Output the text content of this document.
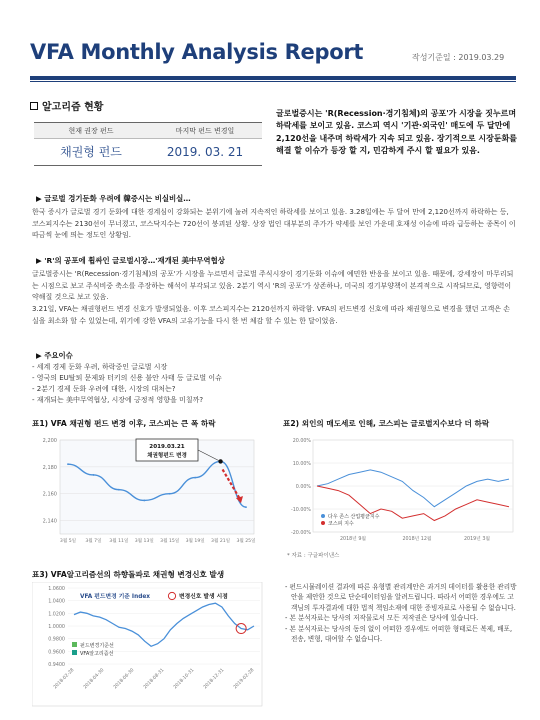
VFA Monthly Analysis Report	작성기준일 : 2019.03.29
알고리즘 현황
현재 권장 펀드	마지막 펀드 변경일
채권형 펀드	2019. 03. 21
글로벌증시는 'R(Recession·경기침체)의 공포'가 시장을 짓누르며 하락세를 보이고 있음. 코스피 역시 '기관·외국인' 매도에 두 달만에 2,120선을 내주며 하락세가 지속 되고 있음. 장기적으로 시장둔화를 해결 할 이슈가 등장 할 지, 민감하게 주시 할 필요가 있음.
▶ 글로벌 경기둔화 우려에 韓증시는 비실비실…
한국 증시가 글로벌 경기 둔화에 대한 경계심이 강화되는 분위기에 눌려 지속적인 하락세를 보이고 있음. 3.28일에는 두 달여 만에 2,120선까지 하락하는 등, 코스피지수는 2130선이 무너졌고, 코스닥지수는 720선이 붕괴된 상황. 상장 법인 대부분의 주가가 약세를 보인 가운데 호재성 이슈에 따라 급등하는 종목이 이따금씩 눈에 띄는 정도인 상황임.
▶ 'R'의 공포에 휩싸인 글로벌시장…'재개된 美中무역협상
글로벌증시는 'R(Recession·경기침체)의 공포'가 시장을 누르면서 글로벌 주식시장이 경기둔화 이슈에 예민한 반응을 보이고 있음. 때문에, 강세장이 마무리되는 시점으로 보고 주식비중 축소를 주장하는 해석이 부각되고 있음. 2분기 역시 'R의 공포'가 상존하나, 미국의 경기부양책이 본격적으로 시작되므로, 영향력이 약해질 것으로 보고 있음.
3.21일, VFA는 채권형펀드 변경 신호가 발생되었음. 이후 코스피지수는 2120선까지 하락함. VFA의 펀드변경 신호에 따라 채권형으로 변경을 했던 고객은 손실을 최소화 할 수 있었는데, 위기에 강한 VFA의 고유기능을 다시 한 번 체감 할 수 있는 한 달이었음.
▶ 주요이슈
- 세계 경제 둔화 우려, 하락중인 글로벌 시장
- 영국의 EU탈퇴 문제와 터키의 신용 불안 사태 등 글로벌 이슈
- 2분기 경제 둔화 우려에 대한, 시장의 대처는?
- 재개되는 美中무역협상, 시장에 긍정적 영향을 미칠까?
표1) VFA 채권형 펀드 변경 이후, 코스피는 큰 폭 하락
2,200
2,180
2,160
2,140
3월 5일 3월 7일 3월 11일 3월 13일 3월 15일 3월 19일 3월 21일 3월 25일
2019.03.21
채권형펀드 변경
표2) 외인의 매도세로 인해, 코스피는 글로벌지수보다 더 하락
20.00%
10.00%
0.00%
-10.00%
-20.00%
2018년 9월	2018년 12월	2019년 3월
다우 존스 산업평균지수
코스피 지수
* 자료 : 구글파이낸스
표3) VFA알고리즘선의 하향돌파로 채권형 변경신호 발생
1.0600
1.0400
1.0200
1.0000
0.9800
0.9600
0.9400
2018-02-28 2018-04-30 2018-06-30 2018-08-31 2018-10-31 2018-12-31 2019-02-28
VFA 펀드변경 기준 Index	변경신호 발생 시점
펀드변경기준선
VFA알고리즘선
- 펀드시뮬레이션 결과에 따른 유형별 관리계안은 과거의 데이터를 활용한 관리방안을 제안한 것으로 단순데이터임을 알려드립니다. 따라서 어떠한 경우에도 고객님의 투자결과에 대한 법적 책임소재에 대한 증빙자료로 사용될 수 없습니다.
- 본 분석자료는 당사의 저작물로서 모든 저작권은 당사에 있습니다.
- 본 분석자료는 당사의 동의 없이 어떠한 경우에도 어떠한 형태로든 복제, 배포, 전송, 변형, 대여할 수 없습니다.
